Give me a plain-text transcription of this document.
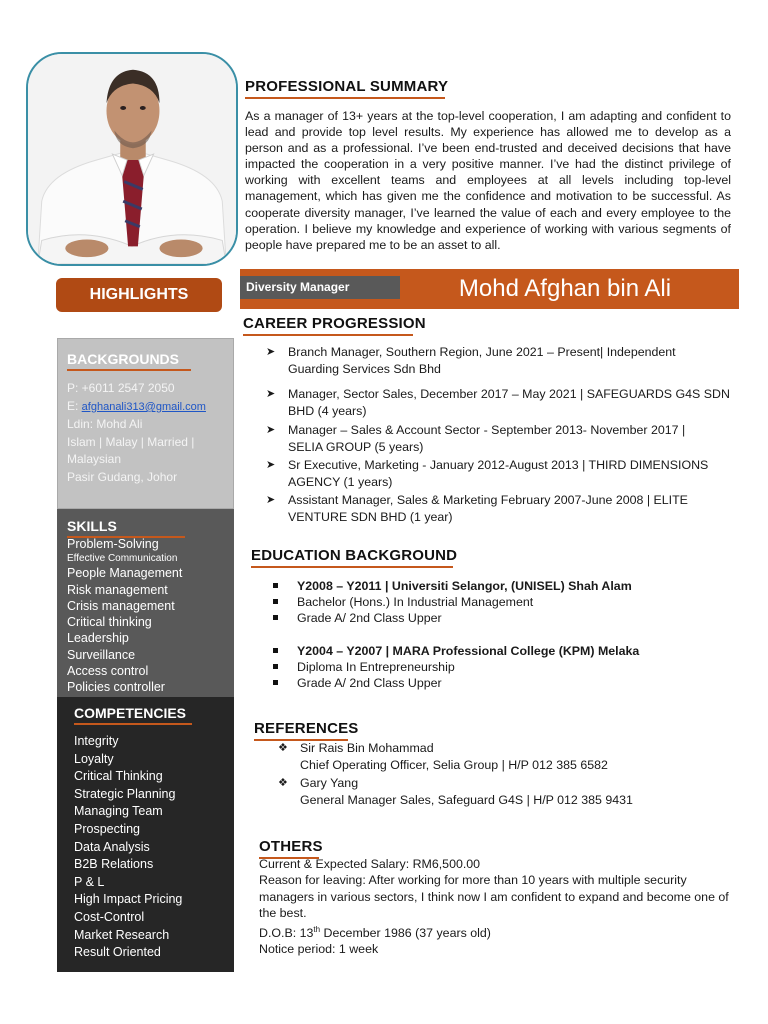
PROFESSIONAL SUMMARY
As a manager of 13+ years at the top-level cooperation, I am adapting and confident to lead and provide top level results. My experience has allowed me to develop as a person and as a professional. I’ve been end-trusted and deceived decisions that have impacted the cooperation in a very positive manner. I’ve had the distinct privilege of working with excellent teams and employees at all levels including top-level management, which has given me the confidence and motivation to be successful. As cooperate diversity manager, I’ve learned the value of each and every employee to the operation. I believe my knowledge and experience of working with various segments of people have prepared me to be an asset to all.
HIGHLIGHTS	Diversity Manager	Mohd Afghan bin Ali
CAREER PROGRESSION
➤ Branch Manager, Southern Region, June 2021 – Present| Independent
Guarding Services Sdn Bhd
➤ Manager, Sector Sales, December 2017 – May 2021 | SAFEGUARDS G4S SDN
BHD (4 years)
➤ Manager – Sales & Account Sector - September 2013- November 2017 |
SELIA GROUP (5 years)
➤ Sr Executive, Marketing - January 2012-August 2013 | THIRD DIMENSIONS
AGENCY (1 years)
➤ Assistant Manager, Sales & Marketing February 2007-June 2008 | ELITE
VENTURE SDN BHD (1 year)
BACKGROUNDS
P: +6011 2547 2050
E: afghanali313@gmail.com
Ldin: Mohd Ali
Islam | Malay | Married |
Malaysian
Pasir Gudang, Johor
SKILLS
Problem-Solving
Effective Communication
People Management
Risk management
Crisis management
Critical thinking
Leadership
Surveillance
Access control
Policies controller
COMPETENCIES
Integrity
Loyalty
Critical Thinking
Strategic Planning
Managing Team
Prospecting
Data Analysis
B2B Relations
P & L
High Impact Pricing
Cost-Control
Market Research
Result Oriented
EDUCATION BACKGROUND
Y2008 – Y2011 | Universiti Selangor, (UNISEL) Shah Alam
Bachelor (Hons.) In Industrial Management
Grade A/ 2nd Class Upper
Y2004 – Y2007 | MARA Professional College (KPM) Melaka
Diploma In Entrepreneurship
Grade A/ 2nd Class Upper
REFERENCES
❖ Sir Rais Bin Mohammad
Chief Operating Officer, Selia Group | H/P 012 385 6582
❖ Gary Yang
General Manager Sales, Safeguard G4S | H/P 012 385 9431
OTHERS
Current & Expected Salary: RM6,500.00
Reason for leaving: After working for more than 10 years with multiple security
managers in various sectors, I think now I am confident to expand and become one of
the best.
D.O.B: 13th December 1986 (37 years old)
Notice period: 1 week
